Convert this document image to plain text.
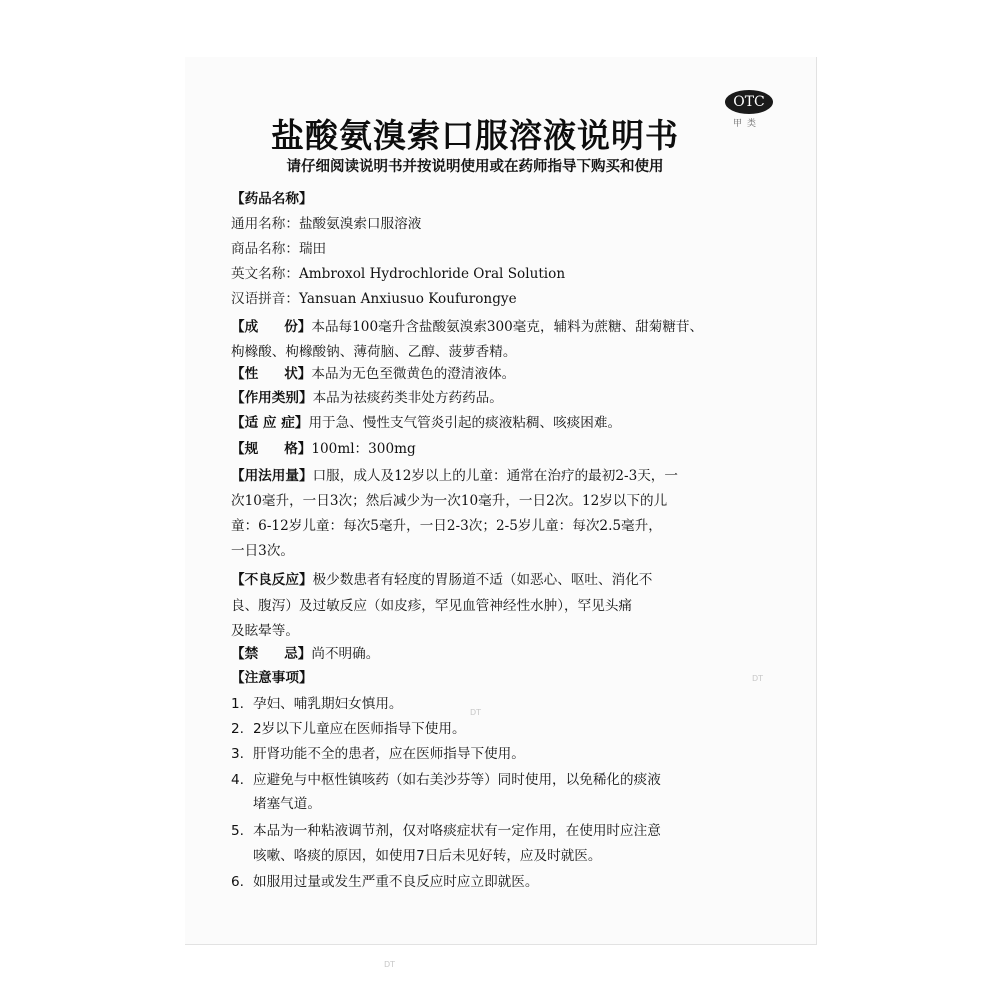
OTC
甲类
盐酸氨溴索口服溶液说明书
请仔细阅读说明书并按说明使用或在药师指导下购买和使用
【药品名称】
通用名称：盐酸氨溴索口服溶液
商品名称：瑞田
英文名称：Ambroxol Hydrochloride Oral Solution
汉语拼音：Yansuan Anxiusuo Koufurongye
【成 份】本品每100毫升含盐酸氨溴索300毫克，辅料为蔗糖、甜菊糖苷、
枸橼酸、枸橼酸钠、薄荷脑、乙醇、菠萝香精。
【性 状】本品为无色至微黄色的澄清液体。
【作用类别】本品为祛痰药类非处方药药品。
【适 应 症】用于急、慢性支气管炎引起的痰液粘稠、咳痰困难。
【规 格】100ml：300mg
【用法用量】口服，成人及12岁以上的儿童：通常在治疗的最初2-3天，一
次10毫升，一日3次；然后减少为一次10毫升，一日2次。12岁以下的儿
童：6-12岁儿童：每次5毫升，一日2-3次；2-5岁儿童：每次2.5毫升，
一日3次。
【不良反应】极少数患者有轻度的胃肠道不适（如恶心、呕吐、消化不
良、腹泻）及过敏反应（如皮疹，罕见血管神经性水肿），罕见头痛
及眩晕等。
【禁 忌】尚不明确。
【注意事项】
1. 孕妇、哺乳期妇女慎用。
2. 2岁以下儿童应在医师指导下使用。
3. 肝肾功能不全的患者，应在医师指导下使用。
4. 应避免与中枢性镇咳药（如右美沙芬等）同时使用，以免稀化的痰液
堵塞气道。
5. 本品为一种粘液调节剂，仅对咯痰症状有一定作用，在使用时应注意
咳嗽、咯痰的原因，如使用7日后未见好转，应及时就医。
6. 如服用过量或发生严重不良反应时应立即就医。
DT
DT
DT
